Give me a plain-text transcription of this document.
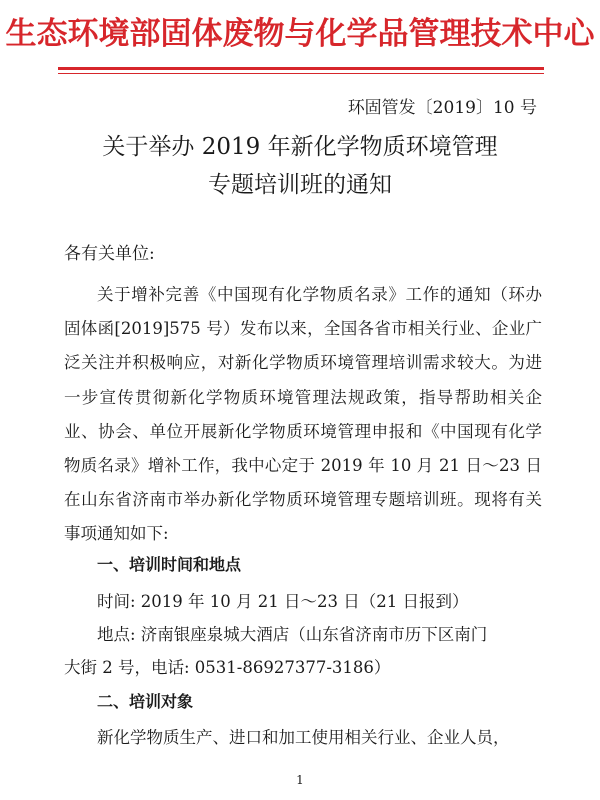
生态环境部固体废物与化学品管理技术中心
环固管发〔2019〕10 号
关于举办 2019 年新化学物质环境管理
专题培训班的通知
各有关单位:
关于增补完善《中国现有化学物质名录》工作的通知（环办固体函[2019]575 号）发布以来，全国各省市相关行业、企业广泛关注并积极响应，对新化学物质环境管理培训需求较大。为进一步宣传贯彻新化学物质环境管理法规政策，指导帮助相关企业、协会、单位开展新化学物质环境管理申报和《中国现有化学物质名录》增补工作，我中心定于 2019 年 10 月 21 日～23 日在山东省济南市举办新化学物质环境管理专题培训班。现将有关事项通知如下:
一、培训时间和地点
时间: 2019 年 10 月 21 日～23 日（21 日报到）
地点: 济南银座泉城大酒店（山东省济南市历下区南门
大街 2 号，电话: 0531-86927377-3186）
二、培训对象
新化学物质生产、进口和加工使用相关行业、企业人员，
1
